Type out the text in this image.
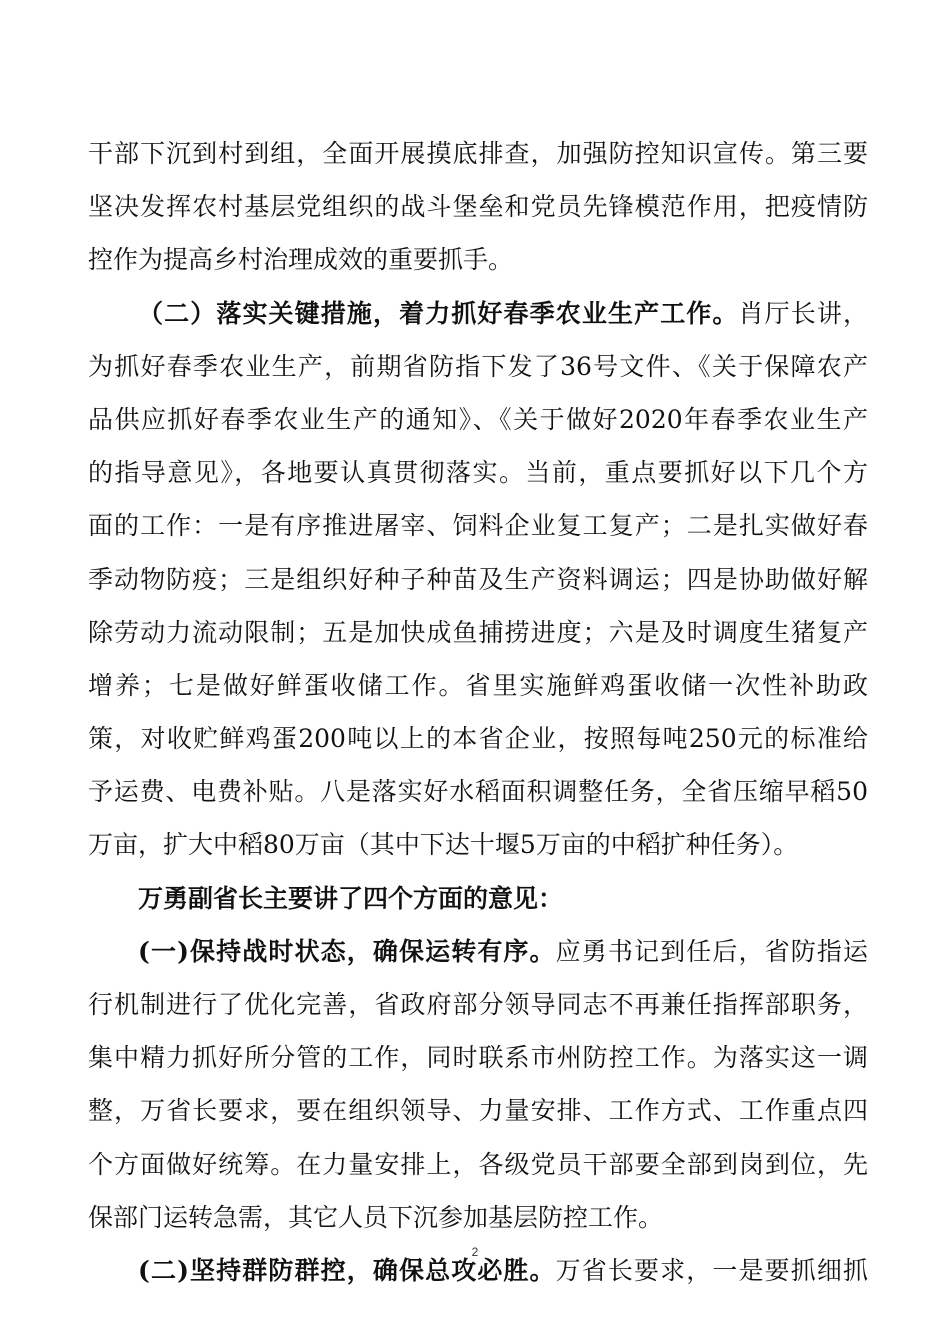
干部下沉到村到组，全面开展摸底排查，加强防控知识宣传。第三要
坚决发挥农村基层党组织的战斗堡垒和党员先锋模范作用，把疫情防
控作为提高乡村治理成效的重要抓手。
（二）落实关键措施，着力抓好春季农业生产工作。肖厅长讲，
为抓好春季农业生产，前期省防指下发了36号文件、《关于保障农产
品供应抓好春季农业生产的通知》、《关于做好2020年春季农业生产
的指导意见》，各地要认真贯彻落实。当前，重点要抓好以下几个方
面的工作：一是有序推进屠宰、饲料企业复工复产；二是扎实做好春
季动物防疫；三是组织好种子种苗及生产资料调运；四是协助做好解
除劳动力流动限制；五是加快成鱼捕捞进度；六是及时调度生猪复产
增养；七是做好鲜蛋收储工作。省里实施鲜鸡蛋收储一次性补助政
策，对收贮鲜鸡蛋200吨以上的本省企业，按照每吨250元的标准给
予运费、电费补贴。八是落实好水稻面积调整任务，全省压缩早稻50
万亩，扩大中稻80万亩（其中下达十堰5万亩的中稻扩种任务）。
万勇副省长主要讲了四个方面的意见：
(一)保持战时状态，确保运转有序。应勇书记到任后，省防指运
行机制进行了优化完善，省政府部分领导同志不再兼任指挥部职务，
集中精力抓好所分管的工作，同时联系市州防控工作。为落实这一调
整，万省长要求，要在组织领导、力量安排、工作方式、工作重点四
个方面做好统筹。在力量安排上，各级党员干部要全部到岗到位，先
保部门运转急需，其它人员下沉参加基层防控工作。
(二)坚持群防群控，确保总攻必胜。万省长要求，一是要抓细抓
2
